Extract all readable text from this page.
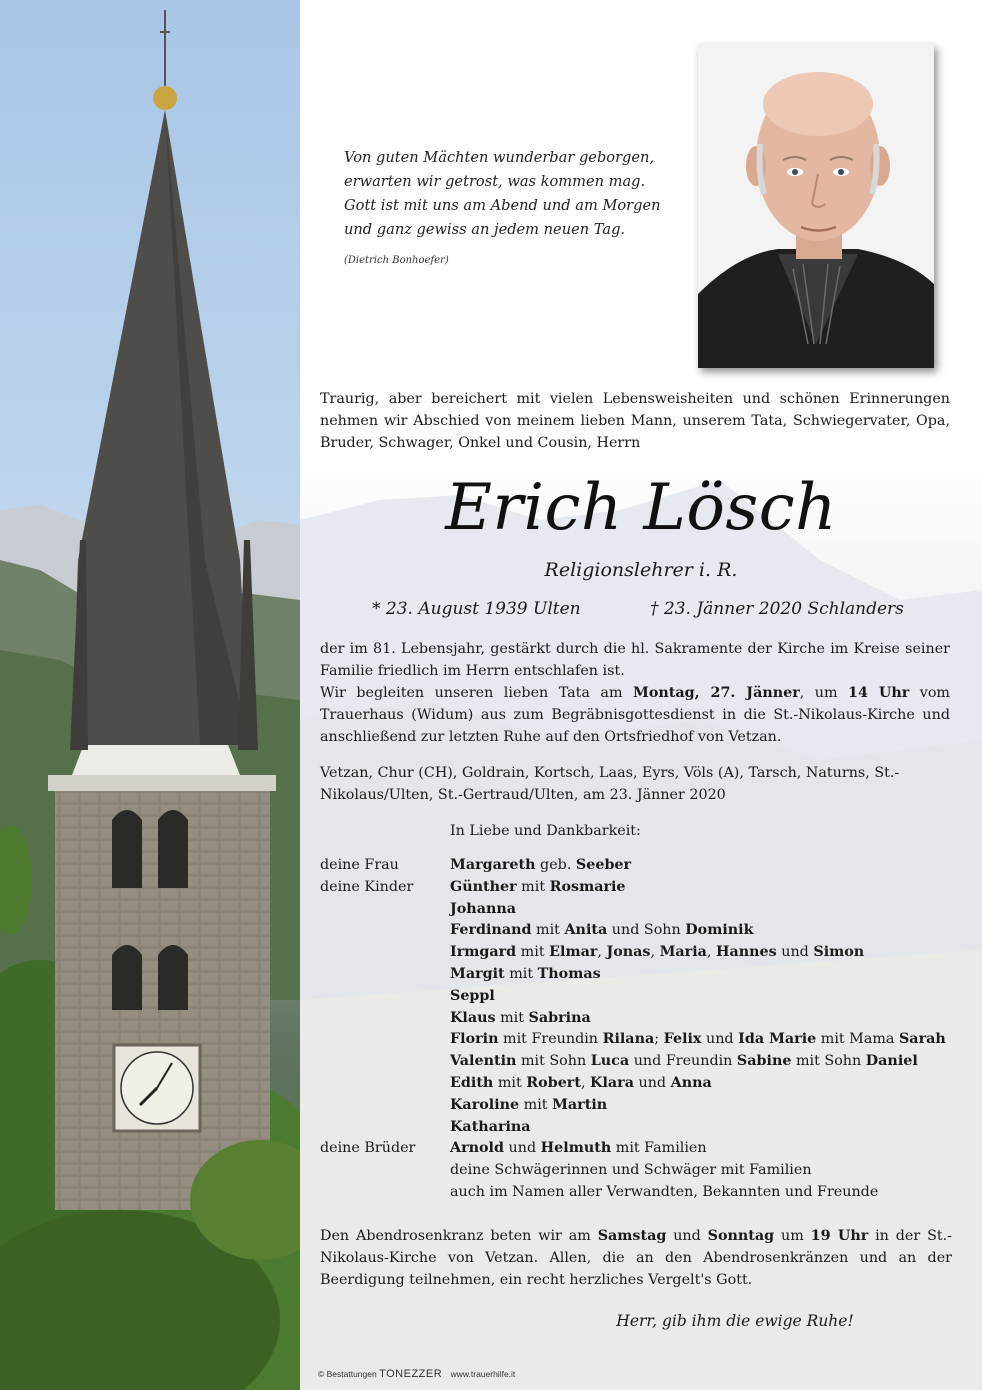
Von guten Mächten wunderbar geborgen,
erwarten wir getrost, was kommen mag.
Gott ist mit uns am Abend und am Morgen
und ganz gewiss an jedem neuen Tag.
(Dietrich Bonhoefer)
Traurig, aber bereichert mit vielen Lebensweisheiten und schönen Erinnerungen nehmen wir Abschied von meinem lieben Mann, unserem Tata, Schwiegervater, Opa, Bruder, Schwager, Onkel und Cousin, Herrn
Erich Lösch
Religionslehrer i. R.
* 23. August 1939 Ulten	† 23. Jänner 2020 Schlanders

der im 81. Lebensjahr, gestärkt durch die hl. Sakramente der Kirche im Kreise seiner Familie friedlich im Herrn entschlafen ist.

Wir begleiten unseren lieben Tata am Montag, 27. Jänner, um 14 Uhr vom Trauerhaus (Widum) aus zum Begräbnisgottesdienst in die St.-Nikolaus-Kirche und anschließend zur letzten Ruhe auf den Ortsfriedhof von Vetzan.

Vetzan, Chur (CH), Goldrain, Kortsch, Laas, Eyrs, Völs (A), Tarsch, Naturns, St.-Nikolaus/Ulten, St.-Gertraud/Ulten, am 23. Jänner 2020
In Liebe und Dankbarkeit:
deine Frau	Margareth geb. Seeber
deine Kinder	Günther mit Rosmarie
Johanna
Ferdinand mit Anita und Sohn Dominik
Irmgard mit Elmar, Jonas, Maria, Hannes und Simon
Margit mit Thomas
Seppl
Klaus mit Sabrina
Florin mit Freundin Rilana; Felix und Ida Marie mit Mama Sarah
Valentin mit Sohn Luca und Freundin Sabine mit Sohn Daniel
Edith mit Robert, Klara und Anna
Karoline mit Martin
Katharina
deine Brüder	Arnold und Helmuth mit Familien
deine Schwägerinnen und Schwäger mit Familien
auch im Namen aller Verwandten, Bekannten und Freunde

Den Abendrosenkranz beten wir am Samstag und Sonntag um 19 Uhr in der St.-Nikolaus-Kirche von Vetzan. Allen, die an den Abendrosenkränzen und an der Beerdigung teilnehmen, ein recht herzliches Vergelt's Gott.

Herr, gib ihm die ewige Ruhe!
© Bestattungen TONEZZER www.trauerhilfe.it
